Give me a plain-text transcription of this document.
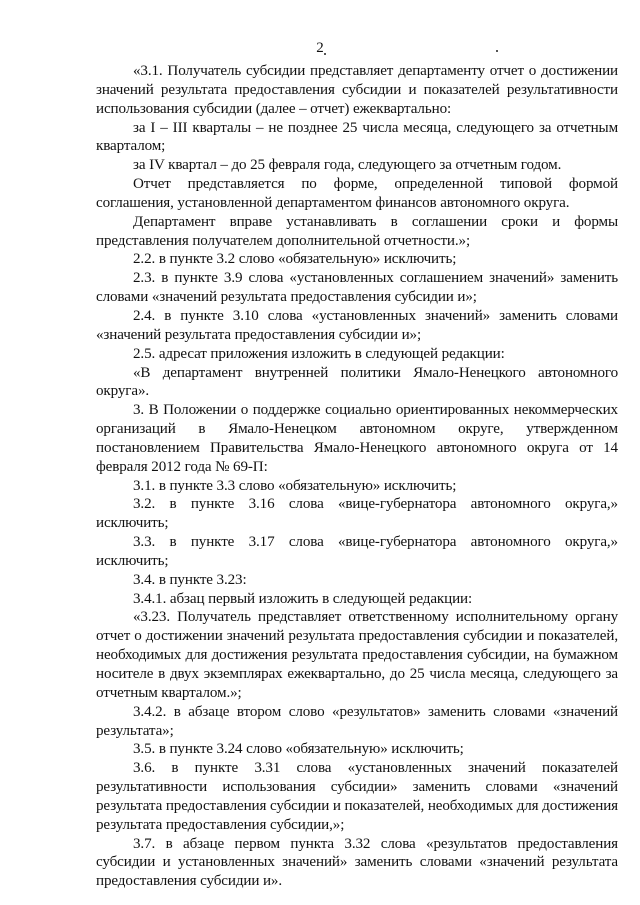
2

«3.1. Получатель субсидии представляет департаменту отчет о достижении значений результата предоставления субсидии и показателей результативности использования субсидии (далее – отчет) ежеквартально:

за I – III кварталы – не позднее 25 числа месяца, следующего за отчетным кварталом;

за IV квартал – до 25 февраля года, следующего за отчетным годом.

Отчет представляется по форме, определенной типовой формой соглашения, установленной департаментом финансов автономного округа.

Департамент вправе устанавливать в соглашении сроки и формы представления получателем дополнительной отчетности.»;

2.2. в пункте 3.2 слово «обязательную» исключить;

2.3. в пункте 3.9 слова «установленных соглашением значений» заменить словами «значений результата предоставления субсидии и»;

2.4. в пункте 3.10 слова «установленных значений» заменить словами «значений результата предоставления субсидии и»;

2.5. адресат приложения изложить в следующей редакции:

«В департамент внутренней политики Ямало-Ненецкого автономного округа».

3. В Положении о поддержке социально ориентированных некоммерческих организаций в Ямало-Ненецком автономном округе, утвержденном постановлением Правительства Ямало-Ненецкого автономного округа от 14 февраля 2012 года № 69-П:

3.1. в пункте 3.3 слово «обязательную» исключить;

3.2. в пункте 3.16 слова «вице-губернатора автономного округа,» исключить;

3.3. в пункте 3.17 слова «вице-губернатора автономного округа,» исключить;

3.4. в пункте 3.23:

3.4.1. абзац первый изложить в следующей редакции:

«3.23. Получатель представляет ответственному исполнительному органу отчет о достижении значений результата предоставления субсидии и показателей, необходимых для достижения результата предоставления субсидии, на бумажном носителе в двух экземплярах ежеквартально, до 25 числа месяца, следующего за отчетным кварталом.»;

3.4.2. в абзаце втором слово «результатов» заменить словами «значений результата»;

3.5. в пункте 3.24 слово «обязательную» исключить;

3.6. в пункте 3.31 слова «установленных значений показателей результативности использования субсидии» заменить словами «значений результата предоставления субсидии и показателей, необходимых для достижения результата предоставления субсидии,»;

3.7. в абзаце первом пункта 3.32 слова «результатов предоставления субсидии и установленных значений» заменить словами «значений результата предоставления субсидии и».
